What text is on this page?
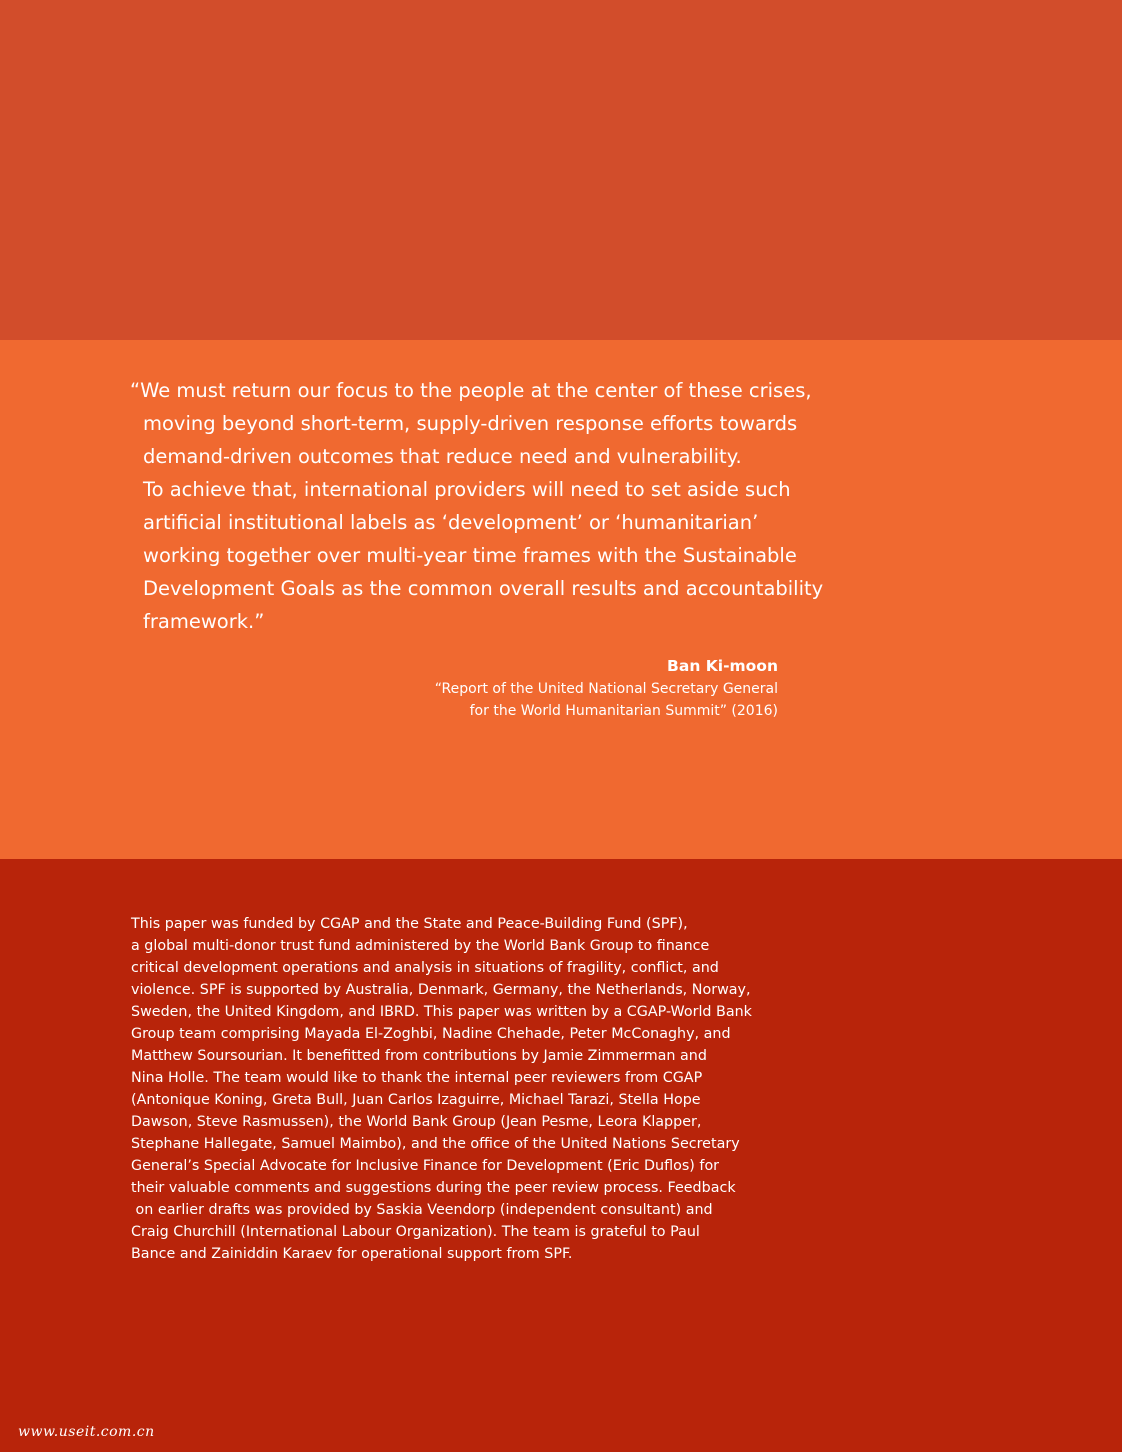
“We must return our focus to the people at the center of these crises,
moving beyond short-term, supply-driven response efforts towards
demand-driven outcomes that reduce need and vulnerability.
To achieve that, international providers will need to set aside such
artificial institutional labels as ‘development’ or ‘humanitarian’
working together over multi-year time frames with the Sustainable
Development Goals as the common overall results and accountability
framework.”
Ban Ki-moon
“Report of the United National Secretary General
for the World Humanitarian Summit” (2016)
This paper was funded by CGAP and the State and Peace-Building Fund (SPF),
a global multi-donor trust fund administered by the World Bank Group to finance
critical development operations and analysis in situations of fragility, conflict, and
violence. SPF is supported by Australia, Denmark, Germany, the Netherlands, Norway,
Sweden, the United Kingdom, and IBRD. This paper was written by a CGAP-World Bank
Group team comprising Mayada El-Zoghbi, Nadine Chehade, Peter McConaghy, and
Matthew Soursourian. It benefitted from contributions by Jamie Zimmerman and
Nina Holle. The team would like to thank the internal peer reviewers from CGAP
(Antonique Koning, Greta Bull, Juan Carlos Izaguirre, Michael Tarazi, Stella Hope
Dawson, Steve Rasmussen), the World Bank Group (Jean Pesme, Leora Klapper,
Stephane Hallegate, Samuel Maimbo), and the office of the United Nations Secretary
General’s Special Advocate for Inclusive Finance for Development (Eric Duflos) for
their valuable comments and suggestions during the peer review process. Feedback
on earlier drafts was provided by Saskia Veendorp (independent consultant) and
Craig Churchill (International Labour Organization). The team is grateful to Paul
Bance and Zainiddin Karaev for operational support from SPF.
www.useit.com.cn
